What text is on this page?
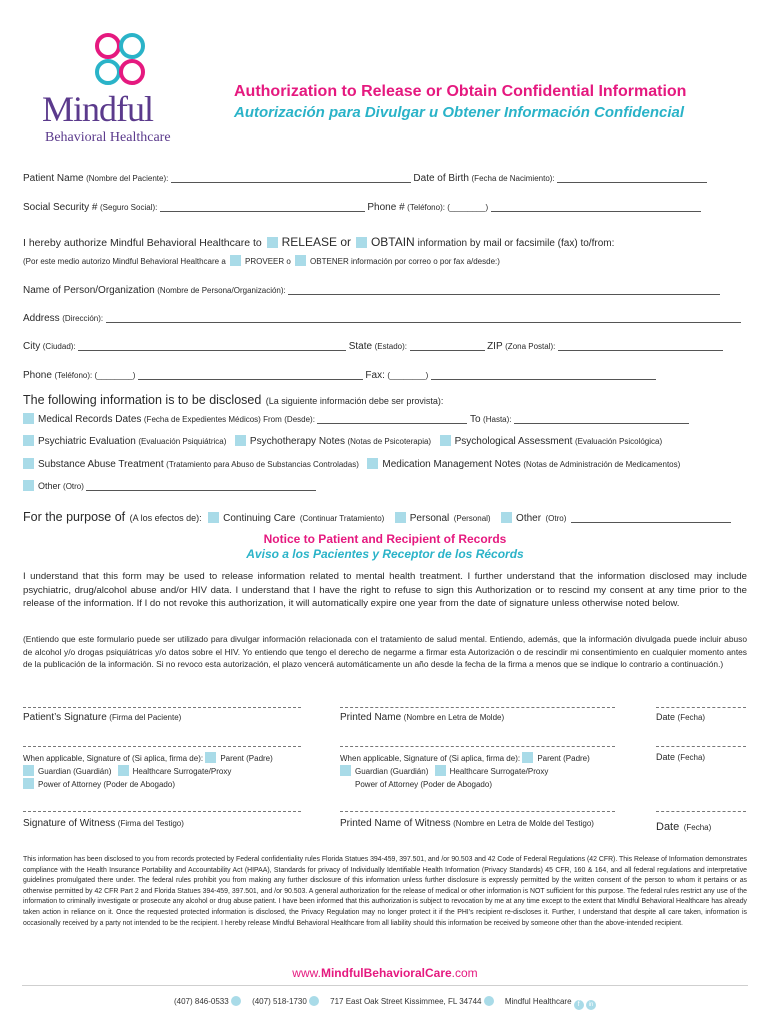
Mindful
Behavioral Healthcare
Authorization to Release or Obtain Confidential Information
Autorización para Divulgar u Obtener Información Confidencial
Patient Name (Nombre del Paciente):	Date of Birth (Fecha de Nacimiento):
Social Security # (Seguro Social):	Phone # (Teléfono): (________)
I hereby authorize Mindful Behavioral Healthcare to RELEASE or OBTAIN information by mail or facsimile (fax) to/from:
(Por este medio autorizo Mindful Behavioral Healthcare a PROVEER o OBTENER información por correo o por fax a/desde:)
Name of Person/Organization (Nombre de Persona/Organización):
Address (Dirección):
City (Ciudad):	State (Estado):	ZIP (Zona Postal):
Phone (Teléfono): (________)	Fax: (________)
The following information is to be disclosed (La siguiente información debe ser provista):
Medical Records Dates (Fecha de Expedientes Médicos) From (Desde):	To (Hasta):
Psychiatric Evaluation (Evaluación Psiquiátrica) Psychotherapy Notes (Notas de Psicoterapia) Psychological Assessment (Evaluación Psicológica)
Substance Abuse Treatment (Tratamiento para Abuso de Substancias Controladas) Medication Management Notes (Notas de Administración de Medicamentos)
Other (Otro)
For the purpose of (A los efectos de): Continuing Care (Continuar Tratamiento)	Personal (Personal)	Other (Otro)
Notice to Patient and Recipient of Records
Aviso a los Pacientes y Receptor de los Récords
I understand that this form may be used to release information related to mental health treatment. I further understand that the information disclosed may include psychiatric, drug/alcohol abuse and/or HIV data. I understand that I have the right to refuse to sign this Authorization or to rescind my consent at any time prior to the release of the information. If I do not revoke this authorization, it will automatically expire one year from the date of signature unless otherwise noted below.
(Entiendo que este formulario puede ser utilizado para divulgar información relacionada con el tratamiento de salud mental. Entiendo, además, que la información divulgada puede incluir abuso de alcohol y/o drogas psiquiátricas y/o datos sobre el HIV. Yo entiendo que tengo el derecho de negarme a firmar esta Autorización o de rescindir mi consentimiento en cualquier momento antes de la publicación de la información. Si no revoco esta autorización, el plazo vencerá automáticamente un año desde la fecha de la firma a menos que se indique lo contrario a continuación.)
Patient’s Signature (Firma del Paciente)	Printed Name (Nombre en Letra de Molde)	Date (Fecha)
When applicable, Signature of (Si aplica, firma de): Parent (Padre)
Guardian (Guardián)	Healthcare Surrogate/Proxy
Power of Attorney (Poder de Abogado)
When applicable, Signature of (Si aplica, firma de): Parent (Padre)
Guardian (Guardián)	Healthcare Surrogate/Proxy
Power of Attorney (Poder de Abogado)
Date (Fecha)
Signature of Witness (Firma del Testigo)	Printed Name of Witness (Nombre en Letra de Molde del Testigo)	Date (Fecha)
This information has been disclosed to you from records protected by Federal confidentiality rules Florida Statues 394-459, 397.501, and /or 90.503 and 42 Code of Federal Regulations (42 CFR). This Release of Information demonstrates compliance with the Health Insurance Portability and Accountability Act (HIPAA), Standards for privacy of Individually Identifiable Health Information (Privacy Standards) 45 CFR, 160 & 164, and all federal regulations and interpretative guidelines promulgated there under. The federal rules prohibit you from making any further disclosure of this information unless further disclosure is expressly permitted by the written consent of the person to whom it pertains or as otherwise permitted by 42 CFR Part 2 and Florida Statues 394-459, 397.501, and /or 90.503. A general authorization for the release of medical or other information is NOT sufficient for this purpose. The federal rules restrict any use of the information to criminally investigate or prosecute any alcohol or drug abuse patient. I have been informed that this authorization is subject to revocation by me at any time except to the extent that Mindful Behavioral Healthcare has already taken action in reliance on it. Once the requested protected information is disclosed, the Privacy Regulation may no longer protect it if the PHI’s recipient re-discloses it. Further, I understand that despite all care taken, information is occasionally received by a party not intended to be the recipient. I hereby release Mindful Behavioral Healthcare from all liability should this information be received by someone other than the above-intended recipient.
www.MindfulBehavioralCare.com
(407) 846-0533	(407) 518-1730	717 East Oak Street Kissimmee, FL 34744	Mindful Healthcare f in
